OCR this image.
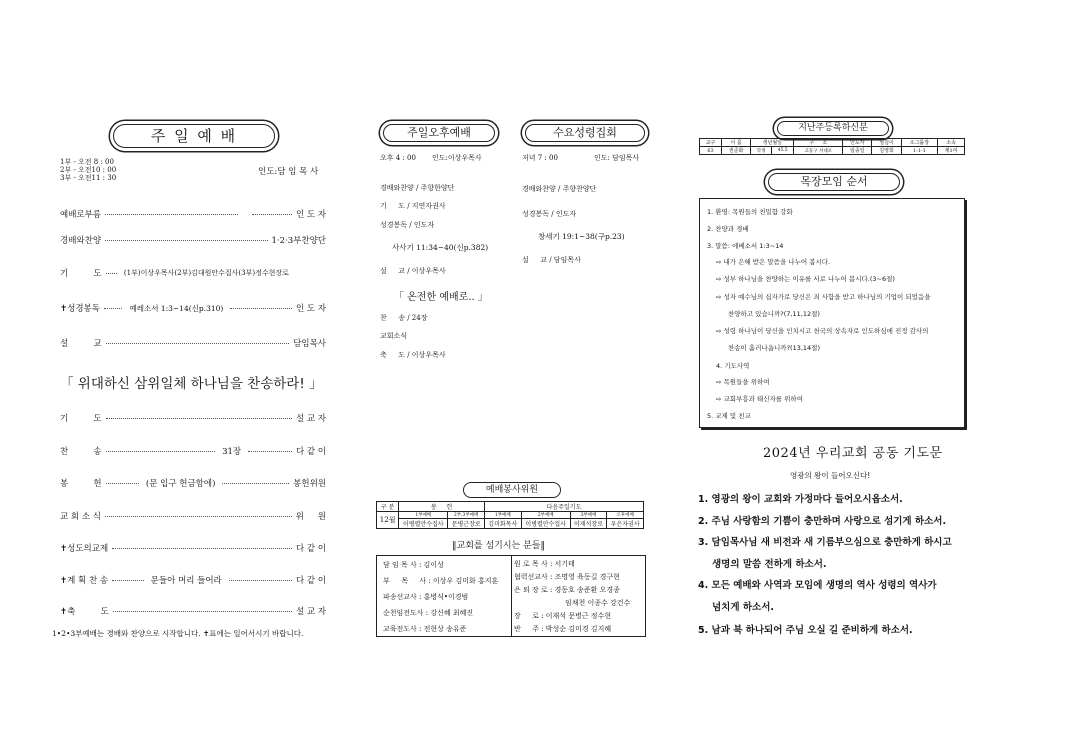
주 일 예 배
1부 - 오전 8 : 00
2부 - 오전10 : 00
3부 - 오전11 : 30
인도:담 임 목 사
예배로부름	인 도 자
경배와찬양	1·2·3부찬양단
기 　 　 도	(1부)이상우목사(2부)김대원안수집사(3부)정수현장로
✝성경봉독	예레소서 1:3~14(신p.310)	인 도 자
설 　 　 교	담임목사
「 위대하신 삼위일체 하나님을 찬송하라! 」
기 　 　 도	설 교 자
찬 　 　 송	31장	다 같 이
봉 　 　 헌	(문 입구 헌금함에)	봉헌위원
교 회 소 식	위 　 원
✝성도의교제	다 같 이
✝계 획 찬 송	문들아 머리 들어라	다 같 이
✝축 　 　 도	설 교 자
1•2•3부예배는 경배와 찬양으로 시작합니다. ✝표에는 일어서시기 바랍니다.
주일오후예배
오후 4 : 00 인도:이상우목사
경배와찬양 / 주향한양단
기 　 도 / 지연자권사
성경봉독 / 인도자
사사기 11:34~40(신p.382)
설 　 교 / 이상우목사
「 온전한 예배로.. 」
찬 　 송 / 24장
교회소식
축 　 도 / 이상우목사
수요성령집회
저녁 7 : 00	인도: 담임목사
경배와찬양 / 주향찬양단
성경봉독 / 인도자
창세기 19:1~38(구p.23)
설 　 교 / 담임목사
예배봉사위원
구 분	봉 　 헌		다음주일기도			
12월	1부예배	2부,3부예배	1부예배	2부예배	3부예배	오후예배
	이병렬안수집사	문병근장로	김미화목사	이병렬안수집사	이재석장로	우은자권사
‖교회를 섬기시는 분들‖
담 임 목 사 : 김이성
부 　 목 　 사 : 이상우 김미화 홍지훈
파송선교사 : 홍병식•이경범
순천임전도사 : 강신혜 최혜진
교육전도사 : 전현상 송유준
원 로 목 사 : 서기태
협력선교사 : 조명영 육동길 경구현
은 퇴 장 로 : 경동호 송준환 오경종
임채천 이종수 강건수
장 　 로 : 이재석 문병근 정수현
반 　 주 : 박성순 김미경 김지혜
지난주등록하신분
교구	이 름	생년월일		주 　 소	인도자	섬김이	소그룹장	소속
63	권준화	학생	45.5	고등구 서대포	임종일	김영희	1-1-1	제1여
목장모임 순서
1. 환영: 목원들의 친밀함 강화
2. 찬양과 경배
3. 말씀: 에베소서 1:3~14
⇨ 내가 은혜 받은 말씀을 나누어 봅시다.
⇨ 성부 하나님을 찬양하는 이유를 서로 나누어 봅시다.(3~6절)
⇨ 성자 예수님의 십자가로 당신은 죄 사함을 받고 하나님의 기업이 되었음을
찬양하고 있습니까?(7,11,12절)
⇨ 성령 하나님이 당신을 인치시고 천국의 상속자로 인도하심에 진정 감사의
찬송이 흘러나옵니까?(13,14절)
4. 기도사역
⇨ 목원들을 위하여
⇨ 교회부흥과 태신자를 위하여
5. 교제 및 친교
2024년 우리교회 공동 기도문
영광의 왕이 들어오신다!
1. 영광의 왕이 교회와 가정마다 들어오시옵소서.
2. 주님 사랑함의 기쁨이 충만하며 사랑으로 섬기게 하소서.
3. 담임목사님 새 비전과 새 기름부으심으로 충만하게 하시고
생명의 말씀 전하게 하소서.
4. 모든 예배와 사역과 모임에 생명의 역사 성령의 역사가
넘치게 하소서.
5. 남과 북 하나되어 주님 오실 길 준비하게 하소서.
